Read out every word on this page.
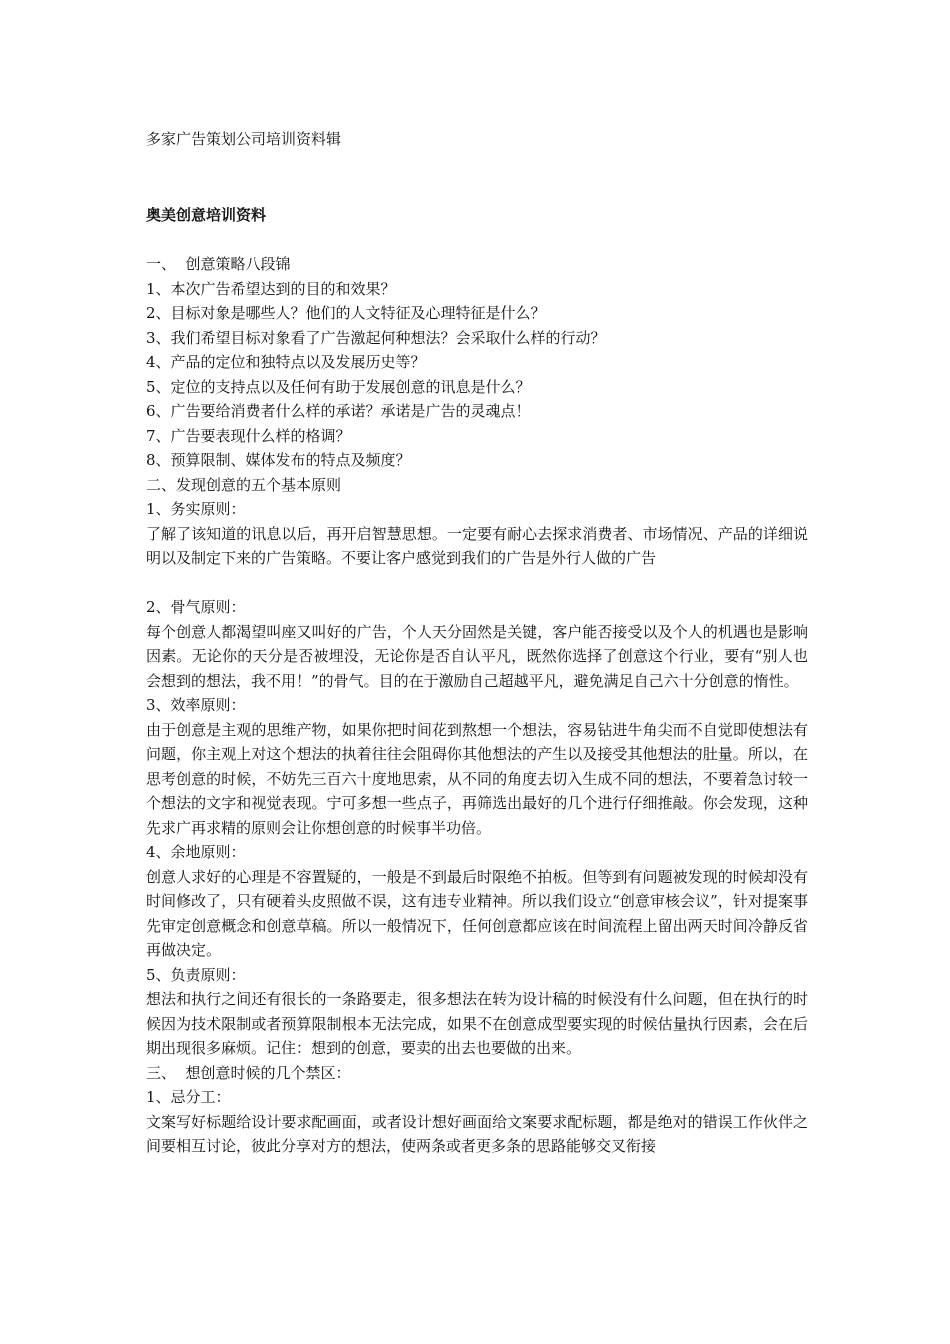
多家广告策划公司培训资料辑

奥美创意培训资料

一、  创意策略八段锦

1、本次广告希望达到的目的和效果？

2、目标对象是哪些人？他们的人文特征及心理特征是什么？

3、我们希望目标对象看了广告激起何种想法？会采取什么样的行动？

4、产品的定位和独特点以及发展历史等？

5、定位的支持点以及任何有助于发展创意的讯息是什么？

6、广告要给消费者什么样的承诺？承诺是广告的灵魂点！

7、广告要表现什么样的格调？

8、预算限制、媒体发布的特点及频度？

二、发现创意的五个基本原则

1、务实原则：

了解了该知道的讯息以后，再开启智慧思想。一定要有耐心去探求消费者、市场情况、产品的详细说明以及制定下来的广告策略。不要让客户感觉到我们的广告是外行人做的广告

2、骨气原则：

每个创意人都渴望叫座又叫好的广告，个人天分固然是关键，客户能否接受以及个人的机遇也是影响因素。无论你的天分是否被埋没，无论你是否自认平凡，既然你选择了创意这个行业，要有“别人也会想到的想法，我不用！”的骨气。目的在于激励自己超越平凡，避免满足自己六十分创意的惰性。

3、效率原则：

由于创意是主观的思维产物，如果你把时间花到熬想一个想法，容易钻进牛角尖而不自觉即使想法有问题，你主观上对这个想法的执着往往会阻碍你其他想法的产生以及接受其他想法的肚量。所以，在思考创意的时候，不妨先三百六十度地思索，从不同的角度去切入生成不同的想法，不要着急讨较一个想法的文字和视觉表现。宁可多想一些点子，再筛选出最好的几个进行仔细推敲。你会发现，这种先求广再求精的原则会让你想创意的时候事半功倍。

4、余地原则：

创意人求好的心理是不容置疑的，一般是不到最后时限绝不拍板。但等到有问题被发现的时候却没有时间修改了，只有硬着头皮照做不误，这有违专业精神。所以我们设立“创意审核会议”，针对提案事先审定创意概念和创意草稿。所以一般情况下，任何创意都应该在时间流程上留出两天时间冷静反省再做决定。

5、负责原则：

想法和执行之间还有很长的一条路要走，很多想法在转为设计稿的时候没有什么问题，但在执行的时候因为技术限制或者预算限制根本无法完成，如果不在创意成型要实现的时候估量执行因素，会在后期出现很多麻烦。记住：想到的创意，要卖的出去也要做的出来。

三、  想创意时候的几个禁区：

1、忌分工：

文案写好标题给设计要求配画面，或者设计想好画面给文案要求配标题，都是绝对的错误工作伙伴之间要相互讨论，彼此分享对方的想法，使两条或者更多条的思路能够交叉衔接
